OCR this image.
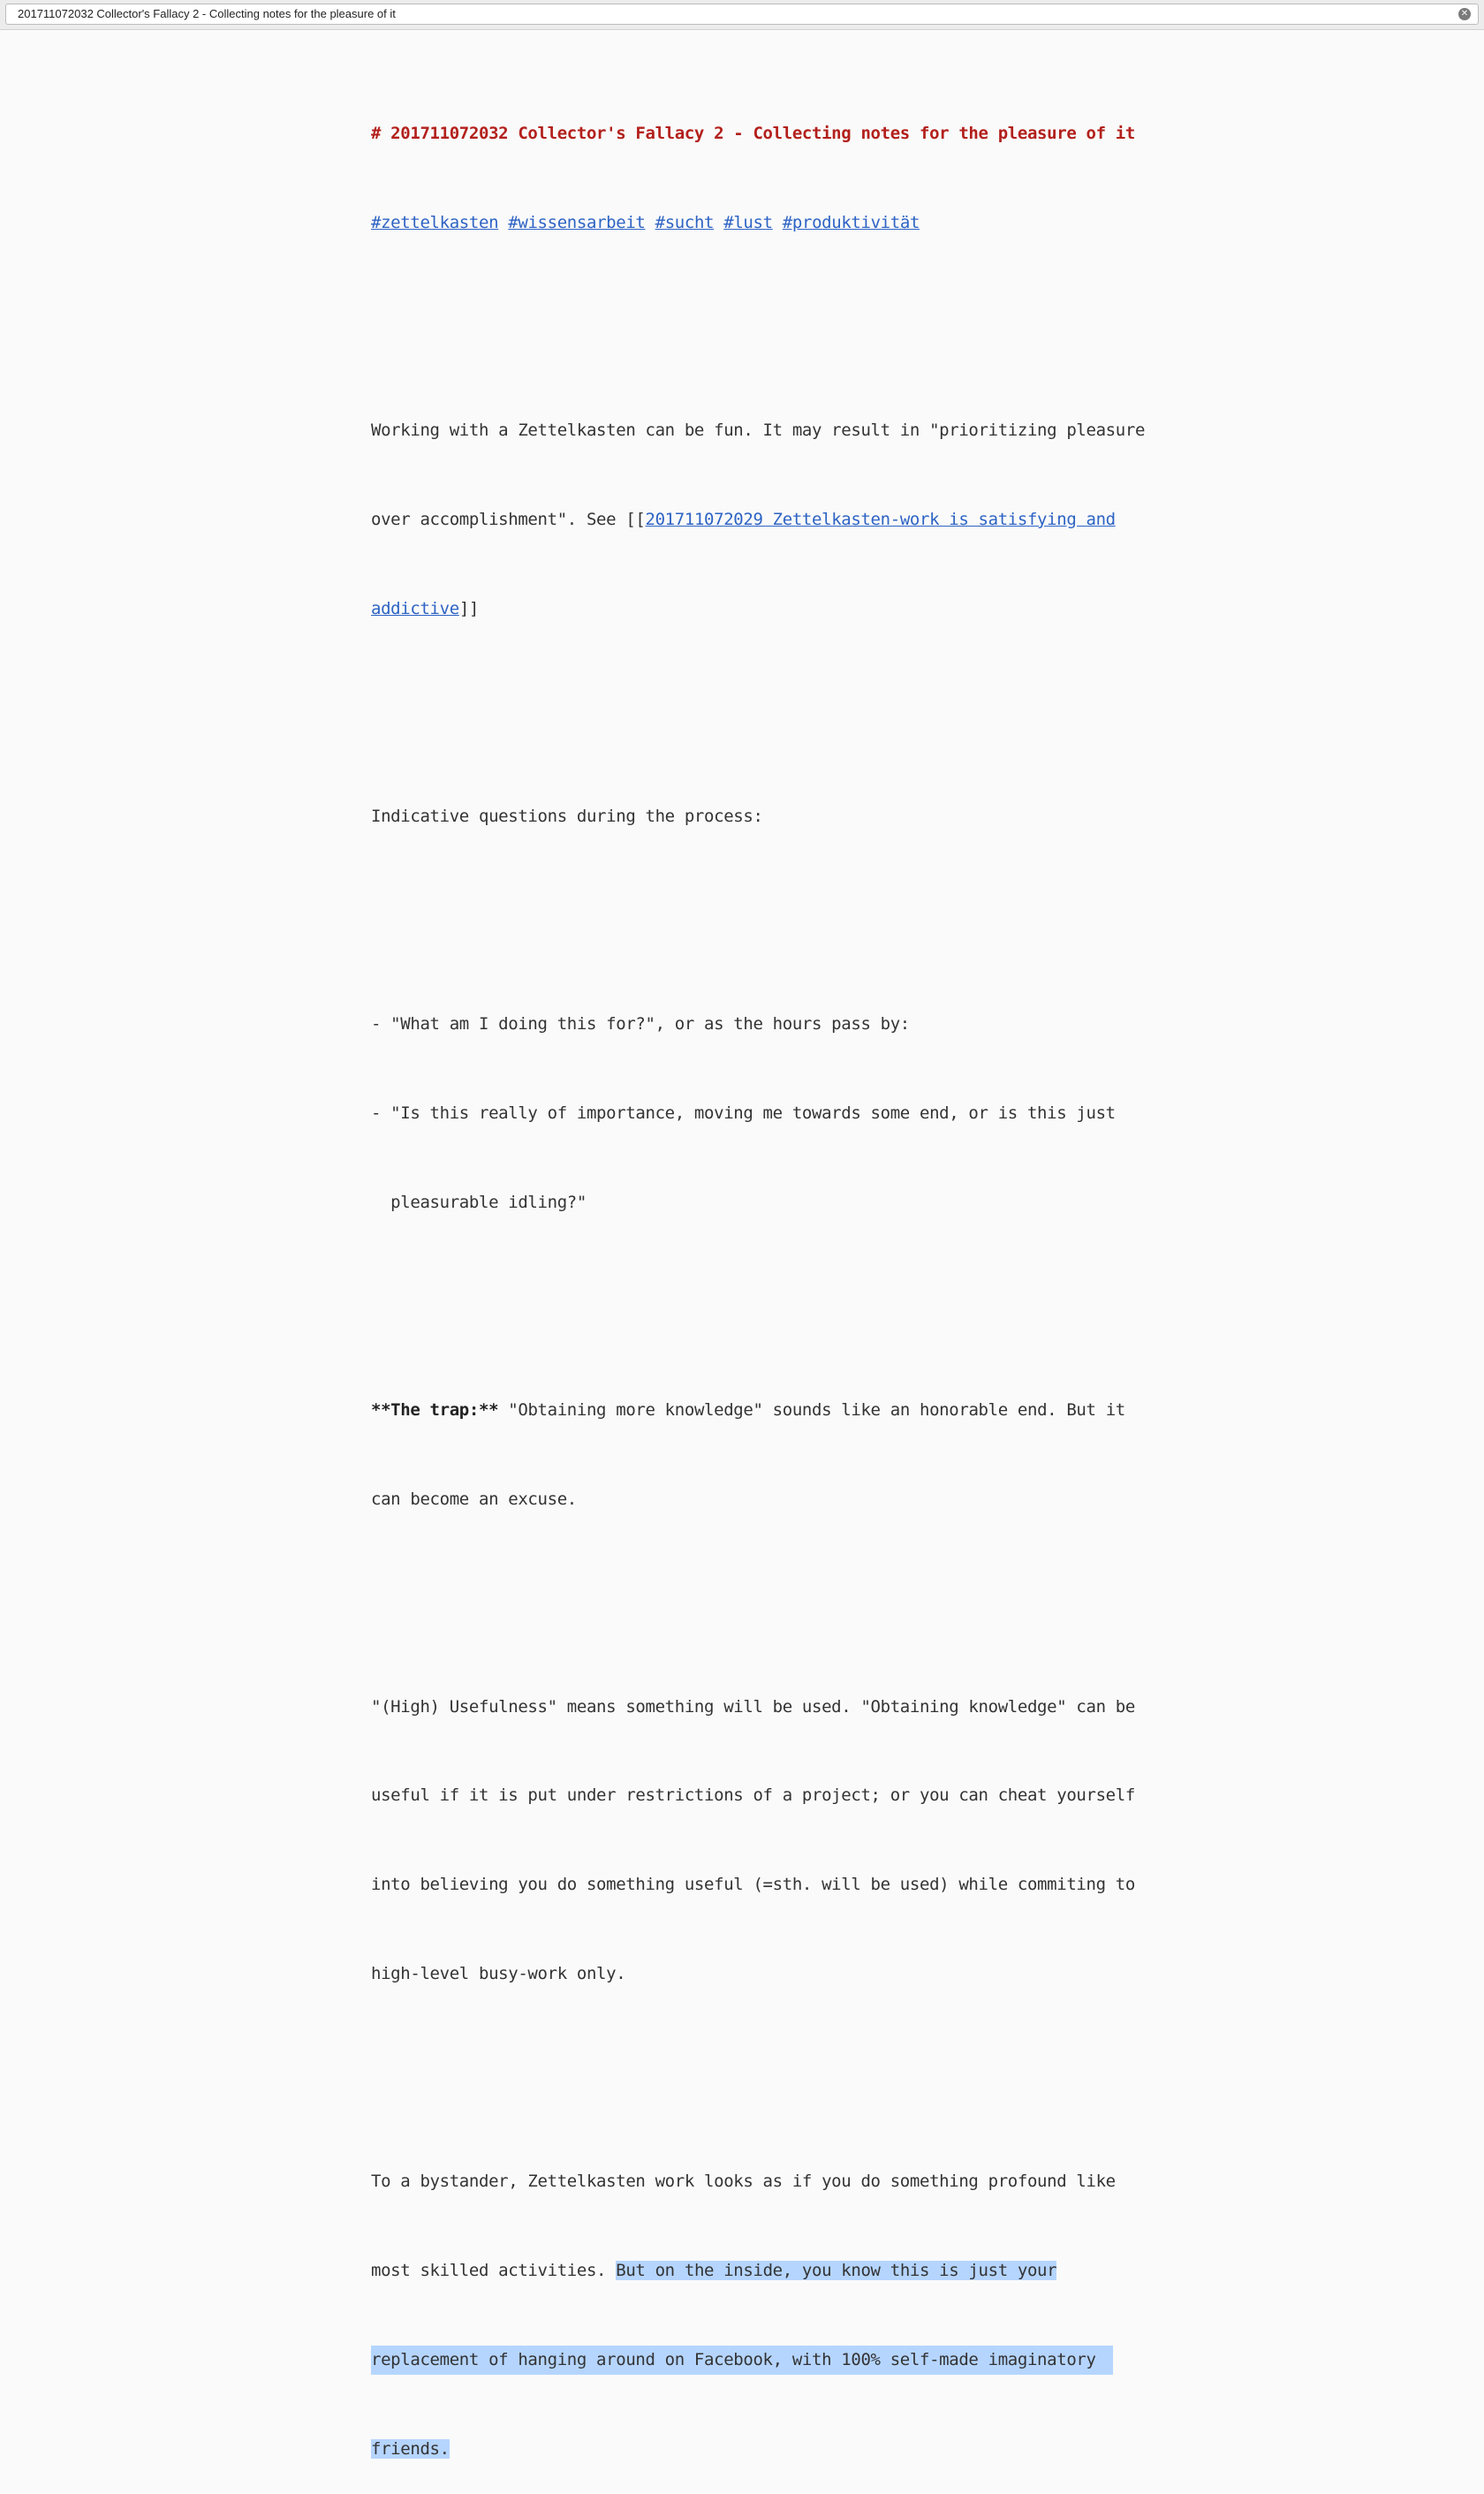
201711072032 Collector's Fallacy 2 - Collecting notes for the pleasure of it	✕

# 201711072032 Collector's Fallacy 2 - Collecting notes for the pleasure of it

#zettelkasten #wissensarbeit #sucht #lust #produktivität

Working with a Zettelkasten can be fun. It may result in "prioritizing pleasure

over accomplishment". See [[201711072029 Zettelkasten-work is satisfying and

addictive]]

Indicative questions during the process:

- "What am I doing this for?", or as the hours pass by:

- "Is this really of importance, moving me towards some end, or is this just

pleasurable idling?"

**The trap:** "Obtaining more knowledge" sounds like an honorable end. But it

can become an excuse.

"(High) Usefulness" means something will be used. "Obtaining knowledge" can be

useful if it is put under restrictions of a project; or you can cheat yourself

into believing you do something useful (=sth. will be used) while commiting to

high-level busy-work only.

To a bystander, Zettelkasten work looks as if you do something profound like

most skilled activities. But on the inside, you know this is just your

replacement of hanging around on Facebook, with 100% self-made imaginatory

friends.
